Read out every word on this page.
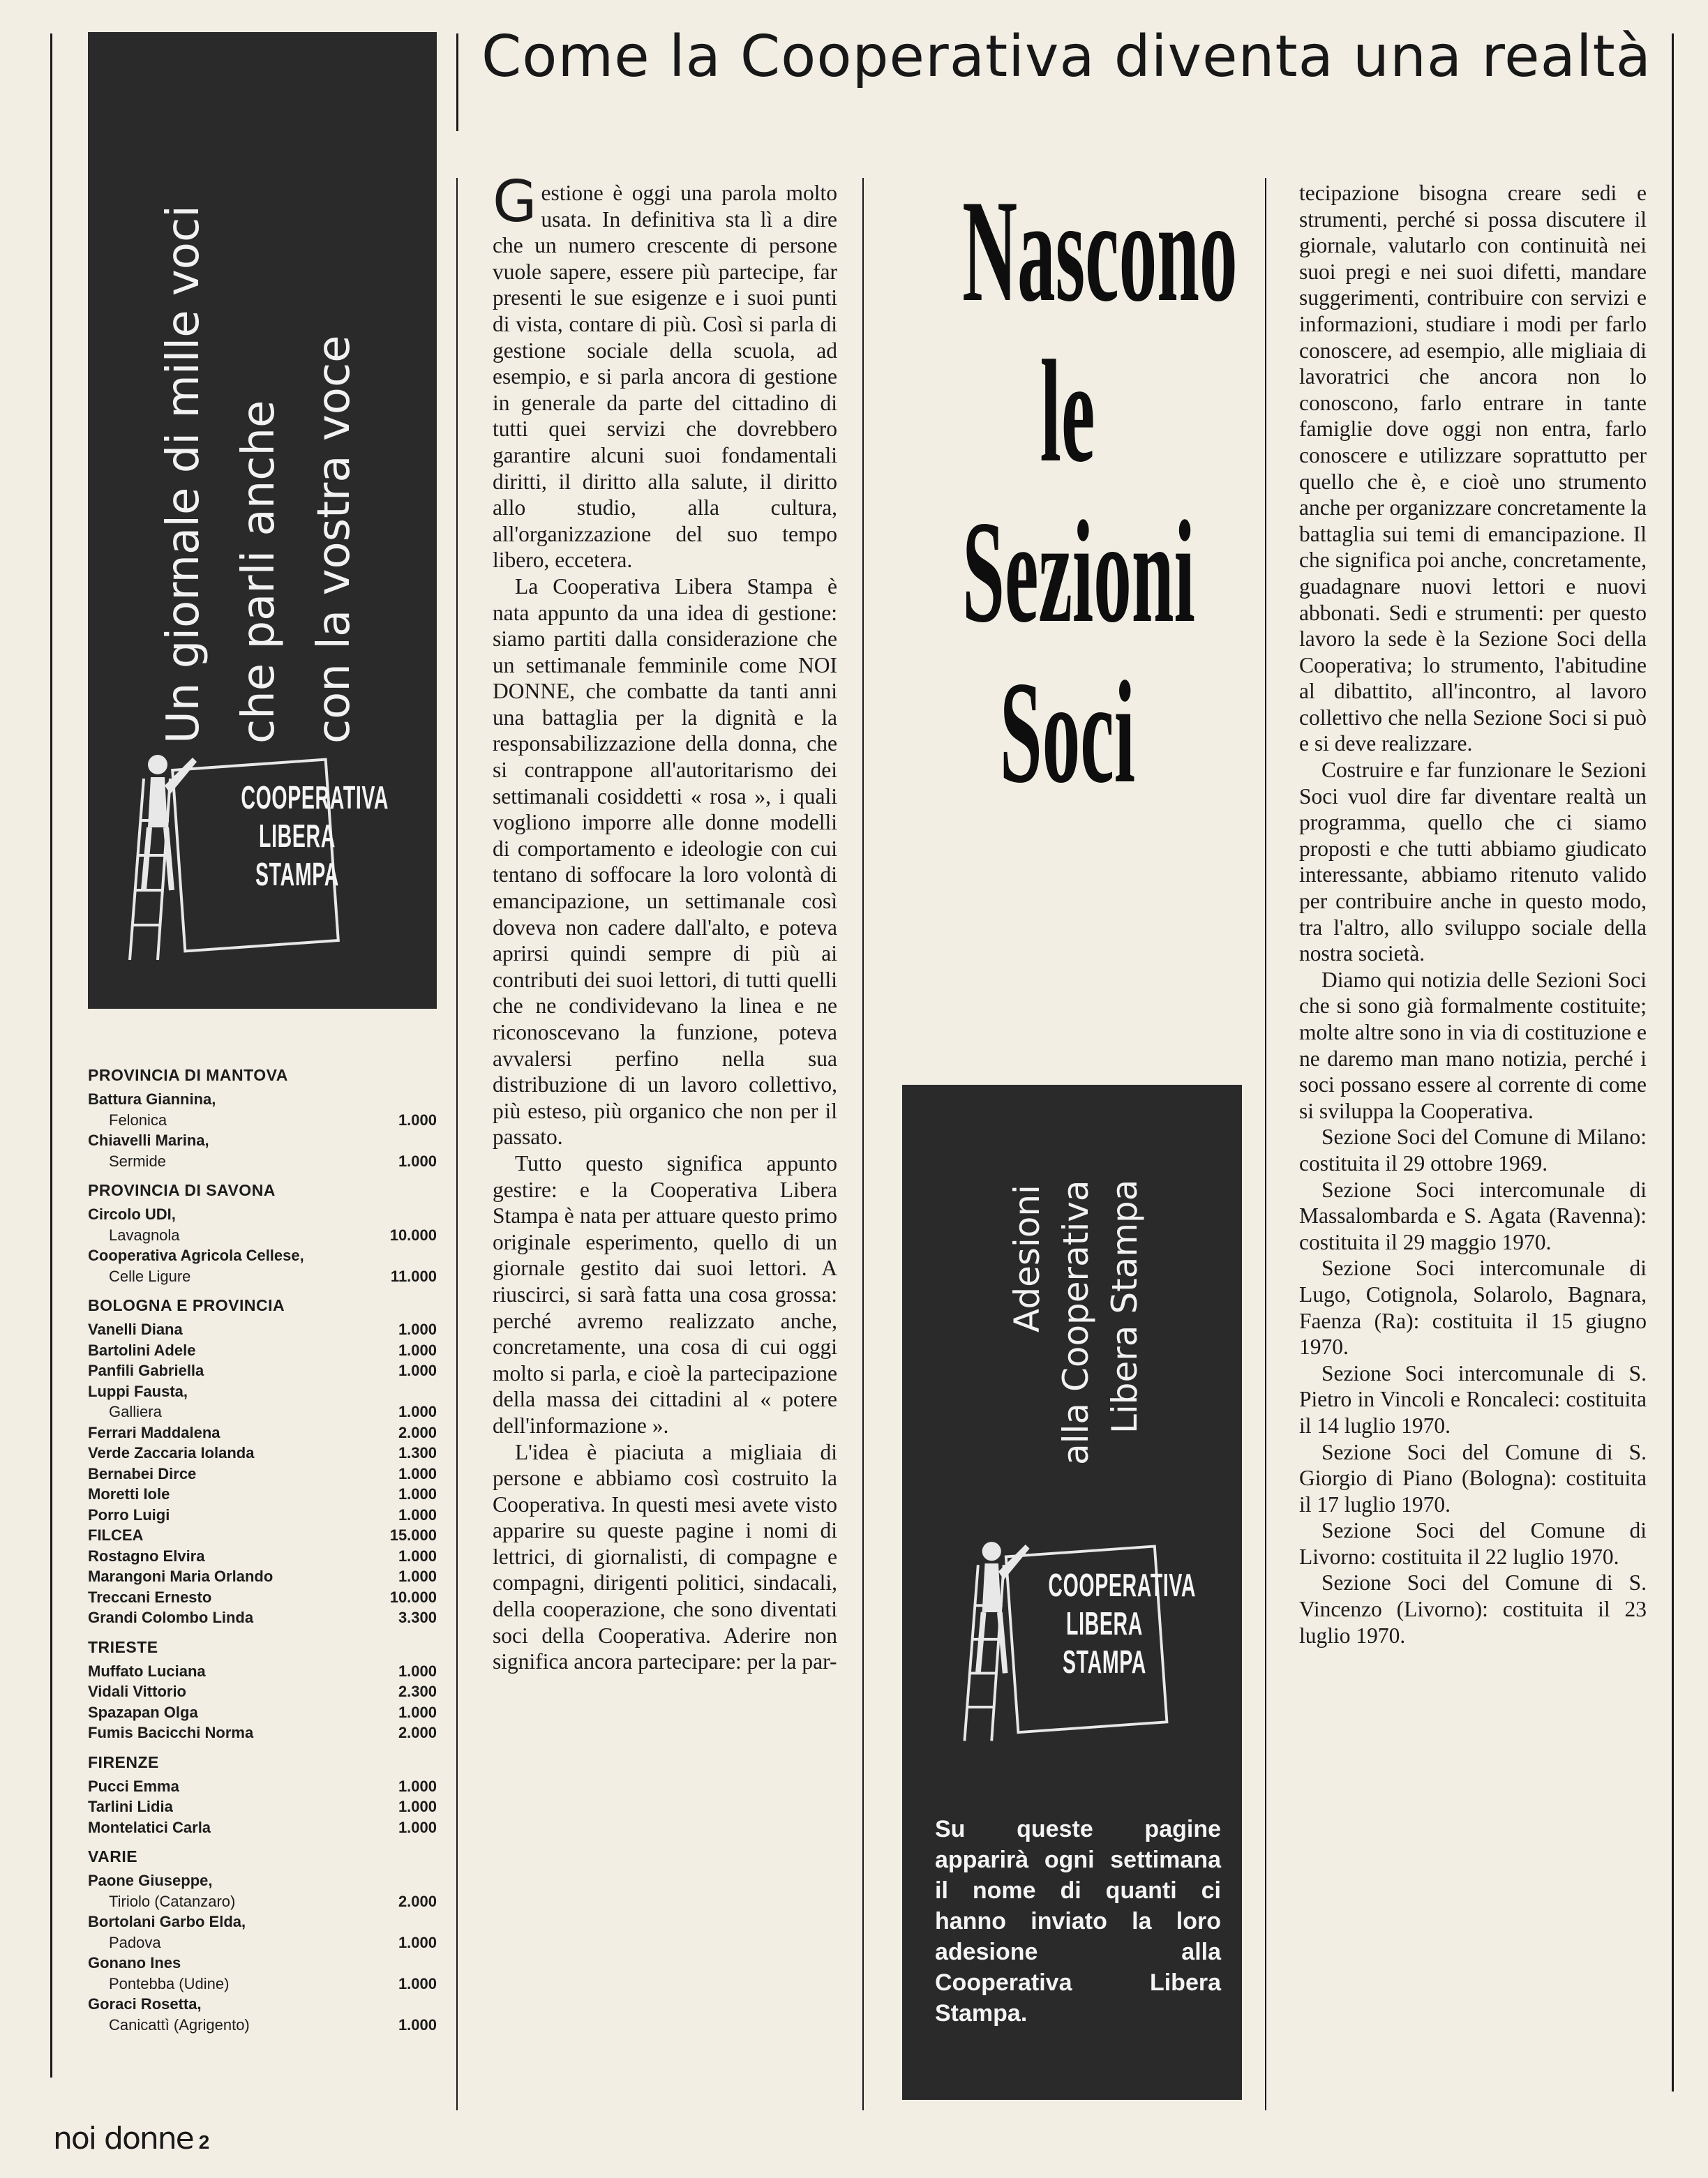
Come la Cooperativa diventa una realtà
Un giornale di mille voci che parli anche con la vostra voce
COOPERATIVA
LIBERA
STAMPA
PROVINCIA DI MANTOVA
Battura Giannina,
Felonica	1.000
Chiavelli Marina,
Sermide	1.000
PROVINCIA DI SAVONA
Circolo UDI,
Lavagnola	10.000
Cooperativa Agricola Cellese,
Celle Ligure	11.000
BOLOGNA E PROVINCIA
Vanelli Diana	1.000
Bartolini Adele	1.000
Panfili Gabriella	1.000
Luppi Fausta,
Galliera	1.000
Ferrari Maddalena	2.000
Verde Zaccaria Iolanda	1.300
Bernabei Dirce	1.000
Moretti Iole	1.000
Porro Luigi	1.000
FILCEA	15.000
Rostagno Elvira	1.000
Marangoni Maria Orlando	1.000
Treccani Ernesto	10.000
Grandi Colombo Linda	3.300
TRIESTE
Muffato Luciana	1.000
Vidali Vittorio	2.300
Spazapan Olga	1.000
Fumis Bacicchi Norma	2.000
FIRENZE
Pucci Emma	1.000
Tarlini Lidia	1.000
Montelatici Carla	1.000
VARIE
Paone Giuseppe,
Tiriolo (Catanzaro)	2.000
Bortolani Garbo Elda,
Padova	1.000
Gonano Ines
Pontebba (Udine)	1.000
Goraci Rosetta,
Canicattì (Agrigento)	1.000
noi donne 2

Gestione è oggi una parola molto usata. In definitiva sta lì a dire che un numero crescente di persone vuole sapere, essere più partecipe, far presenti le sue esigenze e i suoi punti di vista, contare di più. Così si parla di gestione sociale della scuola, ad esempio, e si parla ancora di gestione in generale da parte del cittadino di tutti quei servizi che dovrebbero garantire alcuni suoi fondamentali diritti, il diritto alla salute, il diritto allo studio, alla cultura, all'organizzazione del suo tempo libero, eccetera.

La Cooperativa Libera Stampa è nata appunto da una idea di gestione: siamo partiti dalla considerazione che un settimanale femminile come NOI DONNE, che combatte da tanti anni una battaglia per la dignità e la responsabilizzazione della donna, che si contrappone all'autoritarismo dei settimanali cosiddetti « rosa », i quali vogliono imporre alle donne modelli di comportamento e ideologie con cui tentano di soffocare la loro volontà di emancipazione, un settimanale così doveva non cadere dall'alto, e poteva aprirsi quindi sempre di più ai contributi dei suoi lettori, di tutti quelli che ne condividevano la linea e ne riconoscevano la funzione, poteva avvalersi perfino nella sua distribuzione di un lavoro collettivo, più esteso, più organico che non per il passato.

Tutto questo significa appunto gestire: e la Cooperativa Libera Stampa è nata per attuare questo primo originale esperimento, quello di un giornale gestito dai suoi lettori. A riuscirci, si sarà fatta una cosa grossa: perché avremo realizzato anche, concretamente, una cosa di cui oggi molto si parla, e cioè la partecipazione della massa dei cittadini al « potere dell'informazione ».

L'idea è piaciuta a migliaia di persone e abbiamo così costruito la Cooperativa. In questi mesi avete visto apparire su queste pagine i nomi di lettrici, di giornalisti, di compagne e compagni, dirigenti politici, sindacali, della cooperazione, che sono diventati soci della Cooperativa. Aderire non significa ancora partecipare: per la par-

Nascono
le
Sezioni
Soci
Adesioni alla Cooperativa Libera Stampa
COOPERATIVA
LIBERA
STAMPA
Su queste pagine apparirà ogni settimana il nome di quanti ci hanno inviato la loro adesione alla Cooperativa Libera Stampa.

tecipazione bisogna creare sedi e strumenti, perché si possa discutere il giornale, valutarlo con continuità nei suoi pregi e nei suoi difetti, mandare suggerimenti, contribuire con servizi e informazioni, studiare i modi per farlo conoscere, ad esempio, alle migliaia di lavoratrici che ancora non lo conoscono, farlo entrare in tante famiglie dove oggi non entra, farlo conoscere e utilizzare soprattutto per quello che è, e cioè uno strumento anche per organizzare concretamente la battaglia sui temi di emancipazione. Il che significa poi anche, concretamente, guadagnare nuovi lettori e nuovi abbonati. Sedi e strumenti: per questo lavoro la sede è la Sezione Soci della Cooperativa; lo strumento, l'abitudine al dibattito, all'incontro, al lavoro collettivo che nella Sezione Soci si può e si deve realizzare.

Costruire e far funzionare le Sezioni Soci vuol dire far diventare realtà un programma, quello che ci siamo proposti e che tutti abbiamo giudicato interessante, abbiamo ritenuto valido per contribuire anche in questo modo, tra l'altro, allo sviluppo sociale della nostra società.

Diamo qui notizia delle Sezioni Soci che si sono già formalmente costituite; molte altre sono in via di costituzione e ne daremo man mano notizia, perché i soci possano essere al corrente di come si sviluppa la Cooperativa.

Sezione Soci del Comune di Milano: costituita il 29 ottobre 1969.

Sezione Soci intercomunale di Massalombarda e S. Agata (Ravenna): costituita il 29 maggio 1970.

Sezione Soci intercomunale di Lugo, Cotignola, Solarolo, Bagnara, Faenza (Ra): costituita il 15 giugno 1970.

Sezione Soci intercomunale di S. Pietro in Vincoli e Roncaleci: costituita il 14 luglio 1970.

Sezione Soci del Comune di S. Giorgio di Piano (Bologna): costituita il 17 luglio 1970.

Sezione Soci del Comune di Livorno: costituita il 22 luglio 1970.

Sezione Soci del Comune di S. Vincenzo (Livorno): costituita il 23 luglio 1970.
